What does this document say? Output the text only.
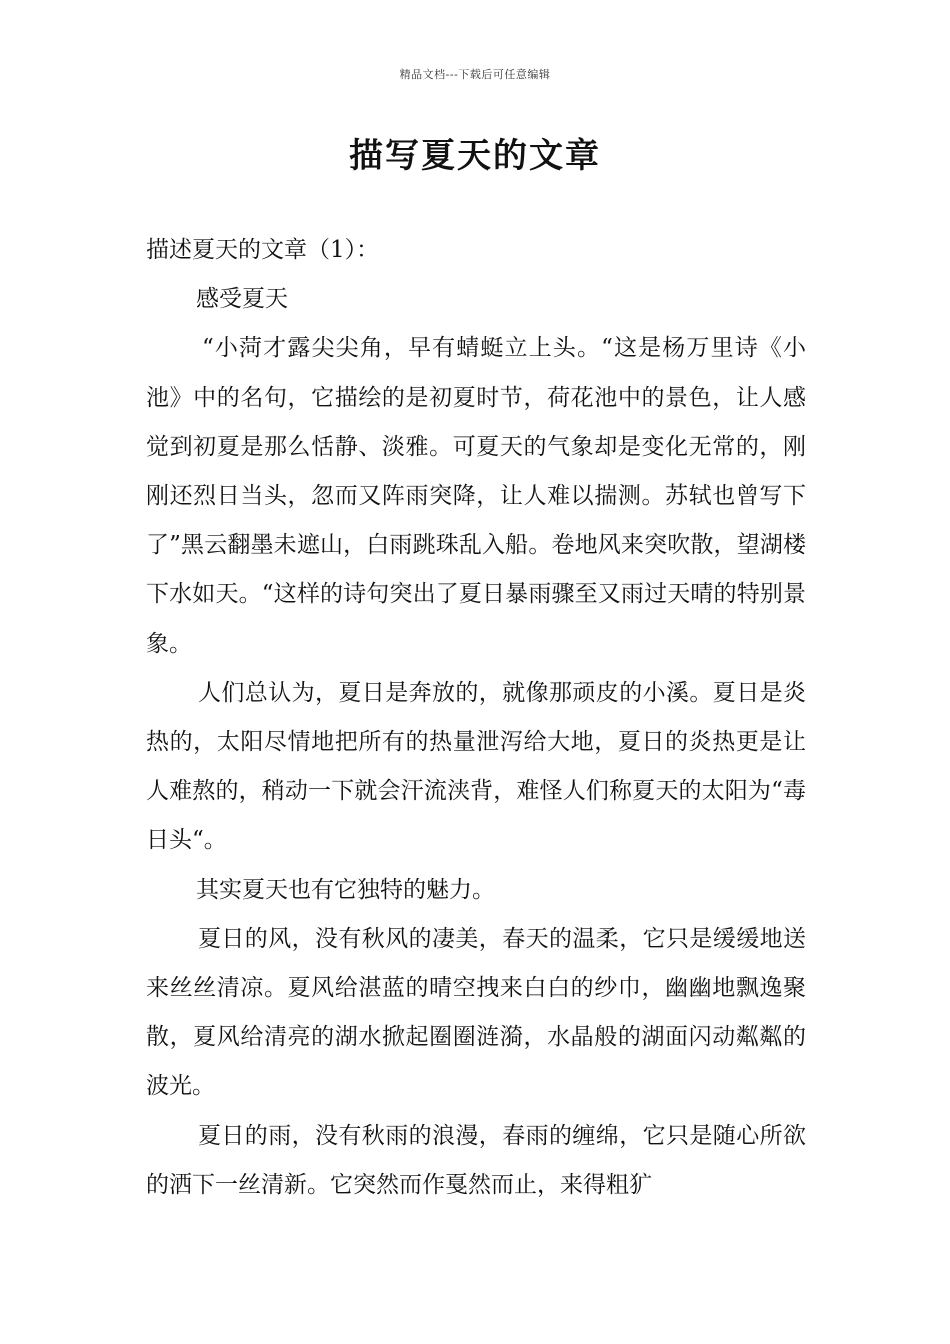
精品文档---下载后可任意编辑
描写夏天的文章

描述夏天的文章（1）：

感受夏天

“小菏才露尖尖角，早有蜻蜓立上头。“这是杨万里诗《小池》中的名句，它描绘的是初夏时节，荷花池中的景色，让人感觉到初夏是那么恬静、淡雅。可夏天的气象却是变化无常的，刚刚还烈日当头，忽而又阵雨突降，让人难以揣测。苏轼也曾写下了”黑云翻墨未遮山，白雨跳珠乱入船。卷地风来突吹散，望湖楼下水如天。“这样的诗句突出了夏日暴雨骤至又雨过天晴的特别景象。

人们总认为，夏日是奔放的，就像那顽皮的小溪。夏日是炎热的，太阳尽情地把所有的热量泄泻给大地，夏日的炎热更是让人难熬的，稍动一下就会汗流浃背，难怪人们称夏天的太阳为“毒日头“。

其实夏天也有它独特的魅力。

夏日的风，没有秋风的凄美，春天的温柔，它只是缓缓地送来丝丝清凉。夏风给湛蓝的晴空拽来白白的纱巾，幽幽地飘逸聚散，夏风给清亮的湖水掀起圈圈涟漪，水晶般的湖面闪动粼粼的波光。

夏日的雨，没有秋雨的浪漫，春雨的缠绵，它只是随心所欲的洒下一丝清新。它突然而作戛然而止，来得粗犷
